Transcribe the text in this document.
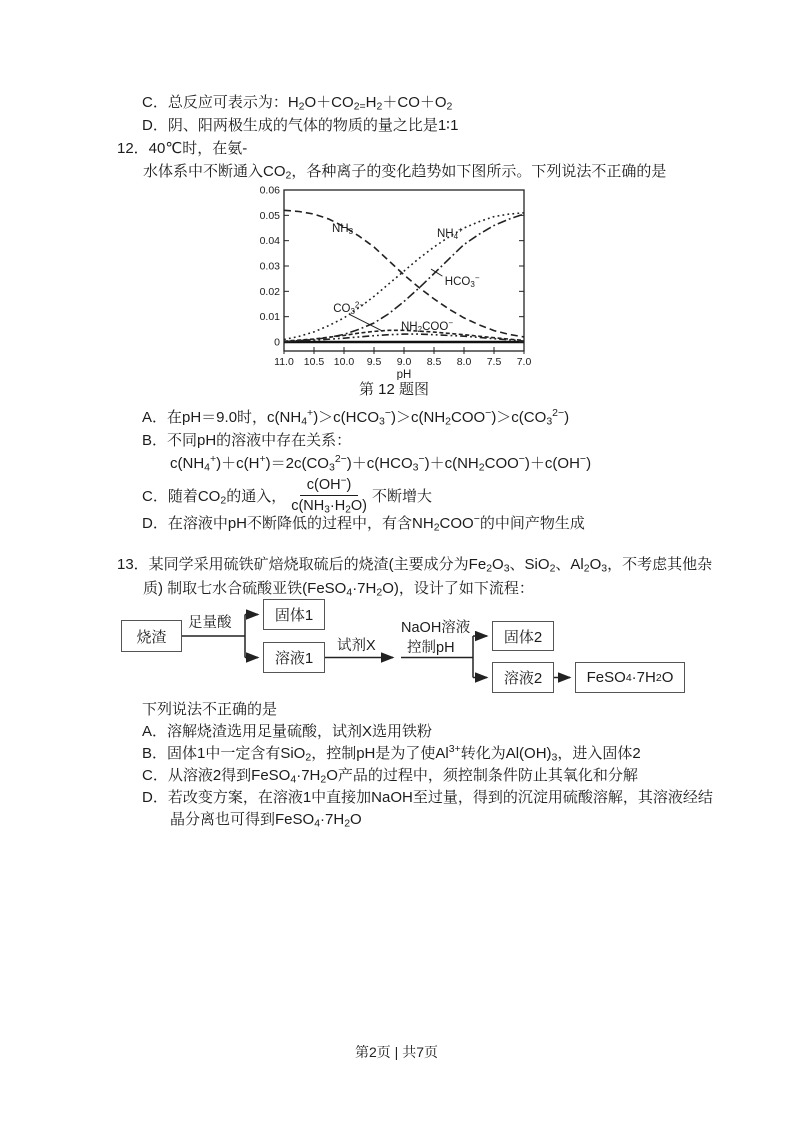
C．总反应可表示为：$H_2O+CO_{2=}H_2+CO+O_2$
D．阴、阳两极生成的气体的物质的量之比是1∶1
12．40℃时，在氨-
水体系中不断通入$CO_2$，各种离子的变化趋势如下图所示。下列说法不正确的是
0
0.01
0.02
0.03
0.04
0.05
0.06
11.0 10.5 10.0 9.5 9.0 8.5 8.0 7.5 7.0
pH
第 12 题图
$NH_3$	$NH_4^+$
$HCO_3^-$
$CO_3^{2-}$
$NH_2COO^-$
A．在pH＝9.0时，$c(NH_4^+)>c(HCO_3^-)>c(NH_2COO^-)>c(CO_3^{2-})$
B．不同pH的溶液中存在关系：
$c(NH_4^+)+c(H^+)=2c(CO_3^{2-})+c(HCO_3^-)+c(NH_2COO^-)+c(OH^-)$
C．随着$CO_2$的通入， $\frac{c(OH^-)}{c(NH_3\cdot H_2O)}$ 不断增大
D．在溶液中pH不断降低的过程中，有含$NH_2COO^-$的中间产物生成
13．某同学采用硫铁矿焙烧取硫后的烧渣(主要成分为$Fe_2O_3$、SiO$_2$、$Al_2O_3$，不考虑其他杂
质) 制取七水合硫酸亚铁$(FeSO_4\cdot 7H_2O)$，设计了如下流程：
烧渣
固体1
溶液1
固体2
溶液2	FeSO 4 ·7H 2 O
足量酸
试剂X
NaOH溶液
控制pH
下列说法不正确的是
A．溶解烧渣选用足量硫酸，试剂X选用铁粉
B．固体1中一定含有SiO$_2$，控制pH是为了使$Al^{3+}$转化为$Al(OH)_3$，进入固体2
C．从溶液2得到$FeSO_4\cdot 7H_2O$产品的过程中，须控制条件防止其氧化和分解
D．若改变方案，在溶液1中直接加NaOH至过量，得到的沉淀用硫酸溶解，其溶液经结
晶分离也可得到$FeSO_4\cdot 7H_2O$
第2页 | 共7页
